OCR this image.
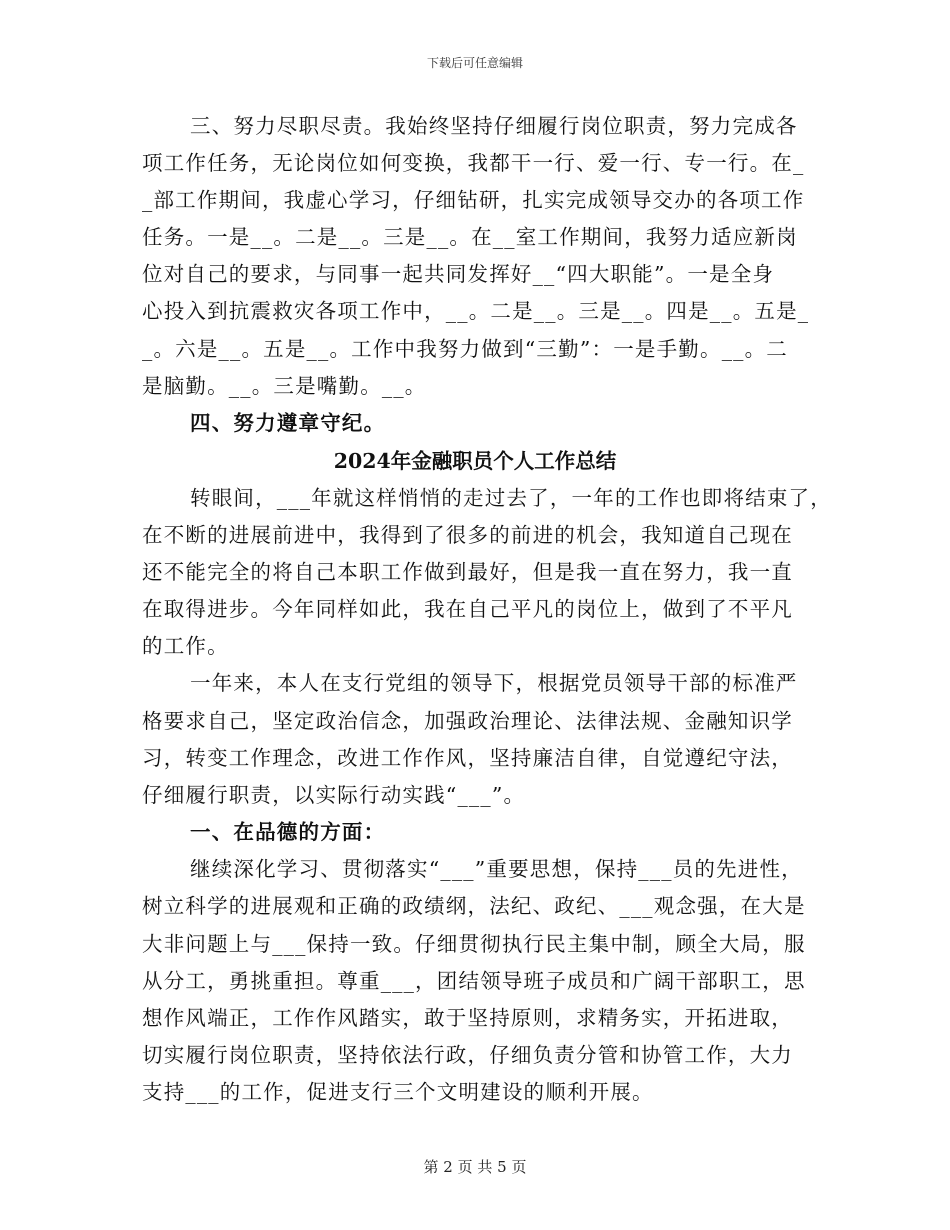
下载后可任意编辑
三、努力尽职尽责。我始终坚持仔细履行岗位职责，努力完成各
项工作任务，无论岗位如何变换，我都干一行、爱一行、专一行。在_
_部工作期间，我虚心学习，仔细钻研，扎实完成领导交办的各项工作
任务。一是__。二是__。三是__。在__室工作期间，我努力适应新岗
位对自己的要求，与同事一起共同发挥好__“四大职能”。一是全身
心投入到抗震救灾各项工作中，__。二是__。三是__。四是__。五是_
_。六是__。五是__。工作中我努力做到“三勤”：一是手勤。__。二
是脑勤。__。三是嘴勤。__。
四、努力遵章守纪。
2024年金融职员个人工作总结
转眼间，___年就这样悄悄的走过去了，一年的工作也即将结束了，
在不断的进展前进中，我得到了很多的前进的机会，我知道自己现在
还不能完全的将自己本职工作做到最好，但是我一直在努力，我一直
在取得进步。今年同样如此，我在自己平凡的岗位上，做到了不平凡
的工作。
一年来，本人在支行党组的领导下，根据党员领导干部的标准严
格要求自己，坚定政治信念，加强政治理论、法律法规、金融知识学
习，转变工作理念，改进工作作风，坚持廉洁自律，自觉遵纪守法，
仔细履行职责，以实际行动实践“___”。
一、在品德的方面：
继续深化学习、贯彻落实“___”重要思想，保持___员的先进性，
树立科学的进展观和正确的政绩纲，法纪、政纪、___观念强，在大是
大非问题上与___保持一致。仔细贯彻执行民主集中制，顾全大局，服
从分工，勇挑重担。尊重___，团结领导班子成员和广阔干部职工，思
想作风端正，工作作风踏实，敢于坚持原则，求精务实，开拓进取，
切实履行岗位职责，坚持依法行政，仔细负责分管和协管工作，大力
支持___的工作，促进支行三个文明建设的顺利开展。
第 2 页 共 5 页
